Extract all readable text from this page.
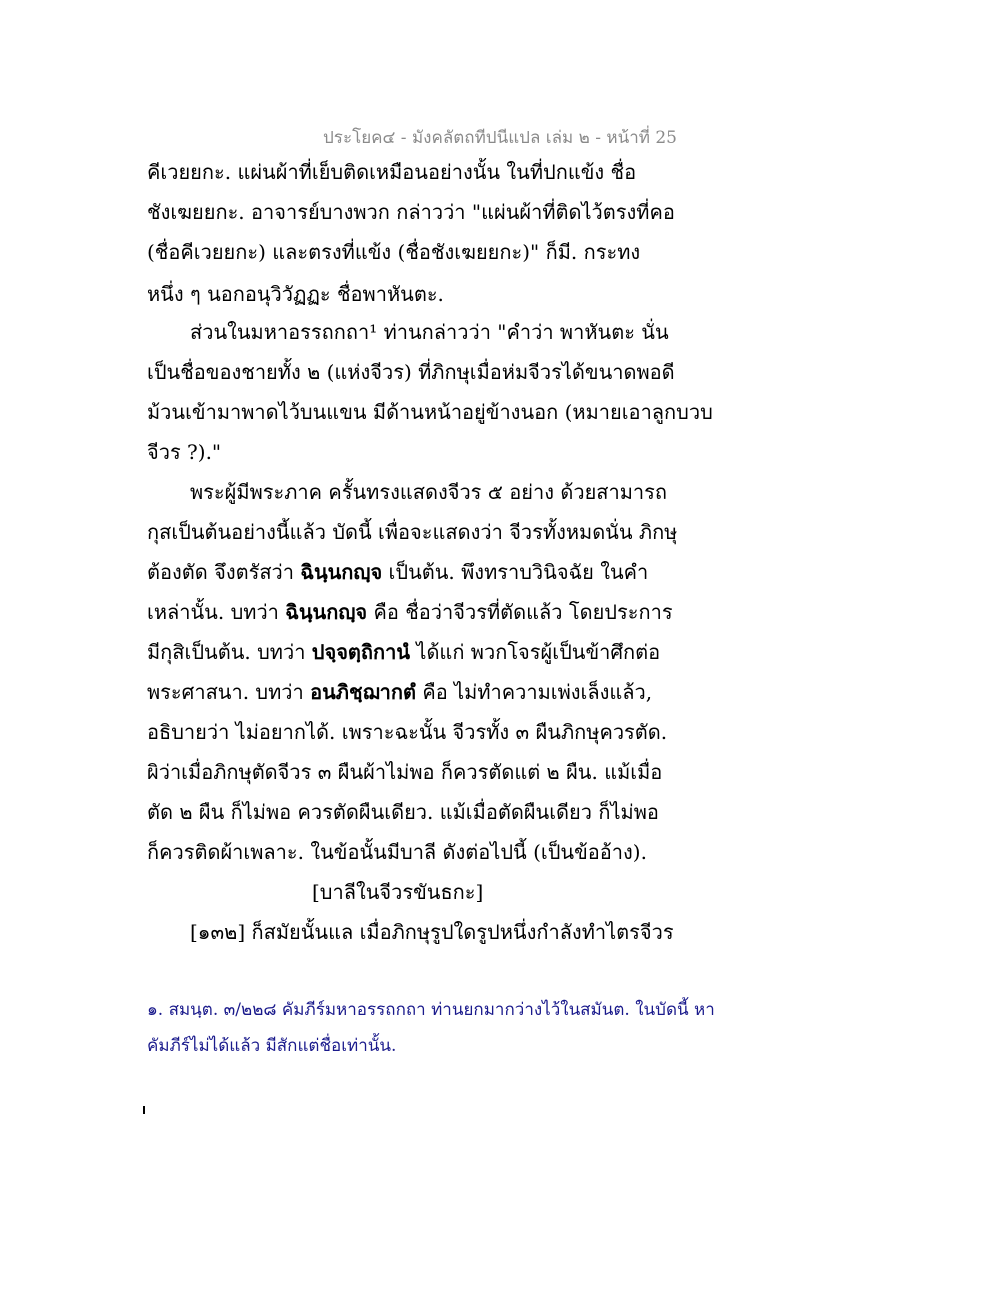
ประโยค๔ - มังคลัตถทีปนีแปล เล่ม ๒ - หน้าที่ 25
คีเวยยกะ. แผ่นผ้าที่เย็บติดเหมือนอย่างนั้น ในที่ปกแข้ง ชื่อ
ชังเฆยยกะ. อาจารย์บางพวก กล่าวว่า "แผ่นผ้าที่ติดไว้ตรงที่คอ
(ชื่อคีเวยยกะ) และตรงที่แข้ง (ชื่อชังเฆยยกะ)" ก็มี. กระทง
หนึ่ง ๆ นอกอนุวิวัฏฏะ ชื่อพาหันตะ.
ส่วนในมหาอรรถกถา¹ ท่านกล่าวว่า "คำว่า พาหันตะ นั่น
เป็นชื่อของชายทั้ง ๒ (แห่งจีวร) ที่ภิกษุเมื่อห่มจีวรได้ขนาดพอดี
ม้วนเข้ามาพาดไว้บนแขน มีด้านหน้าอยู่ข้างนอก (หมายเอาลูกบวบ
จีวร ?)."
พระผู้มีพระภาค ครั้นทรงแสดงจีวร ๕ อย่าง ด้วยสามารถ
กุสเป็นต้นอย่างนี้แล้ว บัดนี้ เพื่อจะแสดงว่า จีวรทั้งหมดนั่น ภิกษุ
ต้องตัด จึงตรัสว่า ฉินฺนกญฺจ เป็นต้น. พึงทราบวินิจฉัย ในคำ
เหล่านั้น. บทว่า ฉินฺนกญฺจ คือ ชื่อว่าจีวรที่ตัดแล้ว โดยประการ
มีกุสิเป็นต้น. บทว่า ปจฺจตฺถิกานํ ได้แก่ พวกโจรผู้เป็นข้าศึกต่อ
พระศาสนา. บทว่า อนภิชฺฌากตํ คือ ไม่ทำความเพ่งเล็งแล้ว,
อธิบายว่า ไม่อยากได้. เพราะฉะนั้น จีวรทั้ง ๓ ผืนภิกษุควรตัด.
ผิว่าเมื่อภิกษุตัดจีวร ๓ ผืนผ้าไม่พอ ก็ควรตัดแต่ ๒ ผืน. แม้เมื่อ
ตัด ๒ ผืน ก็ไม่พอ ควรตัดผืนเดียว. แม้เมื่อตัดผืนเดียว ก็ไม่พอ
ก็ควรติดผ้าเพลาะ. ในข้อนั้นมีบาลี ดังต่อไปนี้ (เป็นข้ออ้าง).
[บาลีในจีวรขันธกะ]
[๑๓๒] ก็สมัยนั้นแล เมื่อภิกษุรูปใดรูปหนึ่งกำลังทำไตรจีวร
๑. สมนฺต. ๓/๒๒๘ คัมภีร์มหาอรรถกถา ท่านยกมากว่างไว้ในสมันต. ในบัดนี้ หา
คัมภีร์ไม่ได้แล้ว มีสักแต่ชื่อเท่านั้น.
